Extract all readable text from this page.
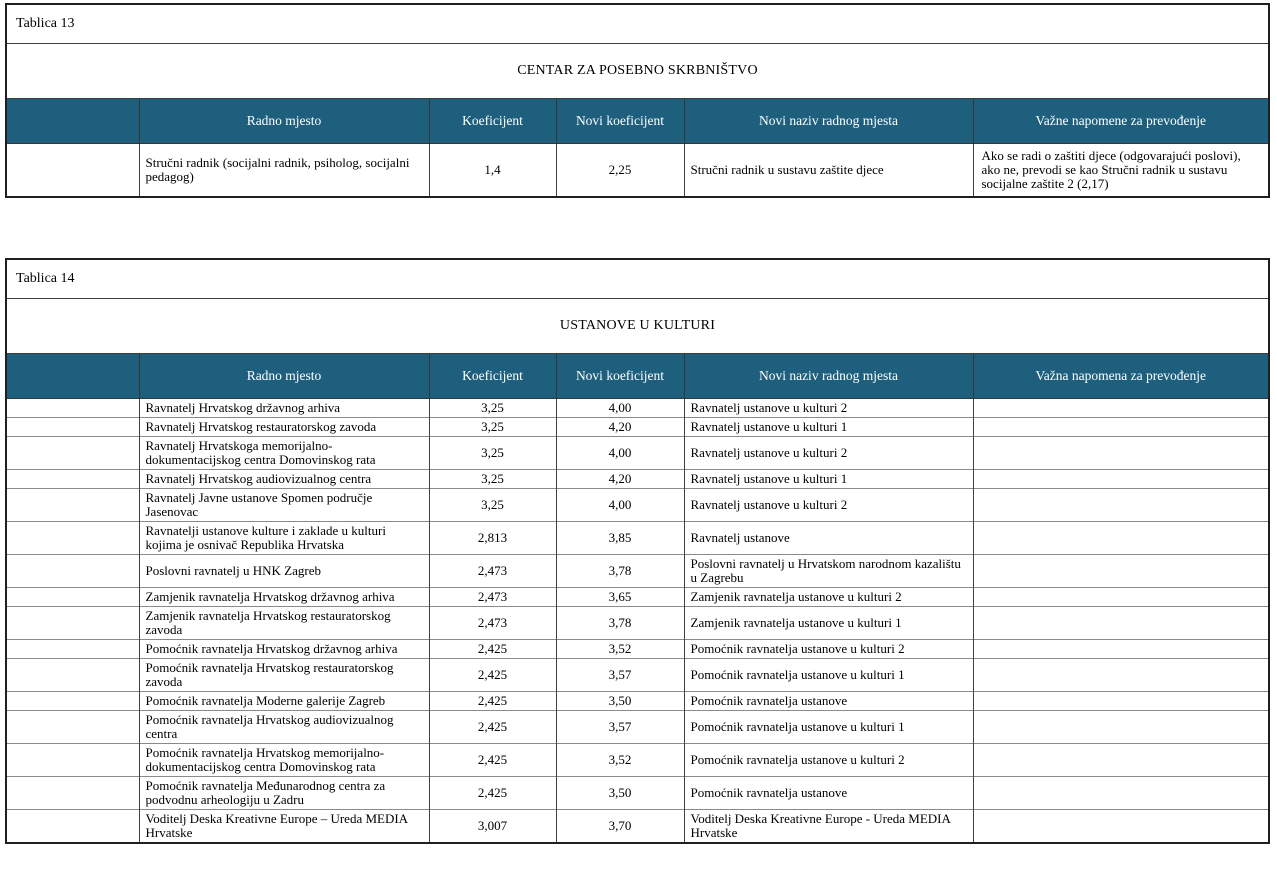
Tablica 13					
CENTAR ZA POSEBNO SKRBNIŠTVO					
	Radno mjesto	Koeficijent	Novi koeficijent	Novi naziv radnog mjesta	Važne napomene za prevođenje
	Stručni radnik (socijalni radnik, psiholog, socijalni pedagog)	1,4	2,25	Stručni radnik u sustavu zaštite djece	Ako se radi o zaštiti djece (odgovarajući poslovi), ako ne, prevodi se kao Stručni radnik u sustavu socijalne zaštite 2 (2,17)
Tablica 14					
USTANOVE U KULTURI					
	Radno mjesto	Koeficijent	Novi koeficijent	Novi naziv radnog mjesta	Važna napomena za prevođenje
	Ravnatelj Hrvatskog državnog arhiva	3,25	4,00	Ravnatelj ustanove u kulturi 2	
	Ravnatelj Hrvatskog restauratorskog zavoda	3,25	4,20	Ravnatelj ustanove u kulturi 1	
	Ravnatelj Hrvatskoga memorijalno-dokumentacijskog centra Domovinskog rata	3,25	4,00	Ravnatelj ustanove u kulturi 2	
	Ravnatelj Hrvatskog audiovizualnog centra	3,25	4,20	Ravnatelj ustanove u kulturi 1	
	Ravnatelj Javne ustanove Spomen područje Jasenovac	3,25	4,00	Ravnatelj ustanove u kulturi 2	
	Ravnatelji ustanove kulture i zaklade u kulturi kojima je osnivač Republika Hrvatska	2,813	3,85	Ravnatelj ustanove	
	Poslovni ravnatelj u HNK Zagreb	2,473	3,78	Poslovni ravnatelj u Hrvatskom narodnom kazalištu u Zagrebu	
	Zamjenik ravnatelja Hrvatskog državnog arhiva	2,473	3,65	Zamjenik ravnatelja ustanove u kulturi 2	
	Zamjenik ravnatelja Hrvatskog restauratorskog zavoda	2,473	3,78	Zamjenik ravnatelja ustanove u kulturi 1	
	Pomoćnik ravnatelja Hrvatskog državnog arhiva	2,425	3,52	Pomoćnik ravnatelja ustanove u kulturi 2	
	Pomoćnik ravnatelja Hrvatskog restauratorskog zavoda	2,425	3,57	Pomoćnik ravnatelja ustanove u kulturi 1	
	Pomoćnik ravnatelja Moderne galerije Zagreb	2,425	3,50	Pomoćnik ravnatelja ustanove	
	Pomoćnik ravnatelja Hrvatskog audiovizualnog centra	2,425	3,57	Pomoćnik ravnatelja ustanove u kulturi 1	
	Pomoćnik ravnatelja Hrvatskog memorijalno-dokumentacijskog centra Domovinskog rata	2,425	3,52	Pomoćnik ravnatelja ustanove u kulturi 2	
	Pomoćnik ravnatelja Međunarodnog centra za podvodnu arheologiju u Zadru	2,425	3,50	Pomoćnik ravnatelja ustanove	
	Voditelj Deska Kreativne Europe – Ureda MEDIA Hrvatske	3,007	3,70	Voditelj Deska Kreativne Europe - Ureda MEDIA Hrvatske	
